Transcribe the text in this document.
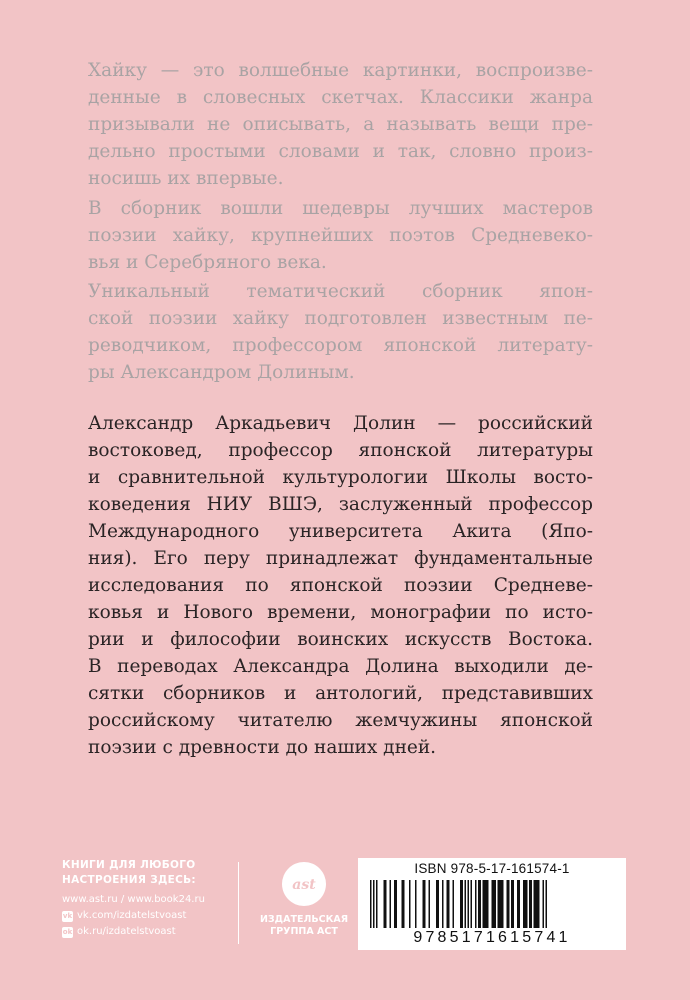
Хайку — это волшебные картинки, воспроизве-
денные в словесных скетчах. Классики жанра
призывали не описывать, а называть вещи пре-
дельно простыми словами и так, словно произ-
носишь их впервые.
В сборник вошли шедевры лучших мастеров
поэзии хайку, крупнейших поэтов Средневеко-
вья и Серебряного века.
Уникальный тематический сборник япон-
ской поэзии хайку подготовлен известным пе-
реводчиком, профессором японской литерату-
ры Александром Долиным.
Александр Аркадьевич Долин — российский
востоковед, профессор японской литературы
и сравнительной культурологии Школы восто-
коведения НИУ ВШЭ, заслуженный профессор
Международного университета Акита (Япо-
ния). Его перу принадлежат фундаментальные
исследования по японской поэзии Средневе-
ковья и Нового времени, монографии по исто-
рии и философии воинских искусств Востока.
В переводах Александра Долина выходили де-
сятки сборников и антологий, представивших
российскому читателю жемчужины японской
поэзии с древности до наших дней.
КНИГИ ДЛЯ ЛЮБОГО
НАСТРОЕНИЯ ЗДЕСЬ:
www.ast.ru / www.book24.ru
vk vk.com/izdatelstvoast
ok ok.ru/izdatelstvoast
ast
ИЗДАТЕЛЬСКАЯ
ГРУППА АСТ
ISBN 978-5-17-161574-1
9785171615741
